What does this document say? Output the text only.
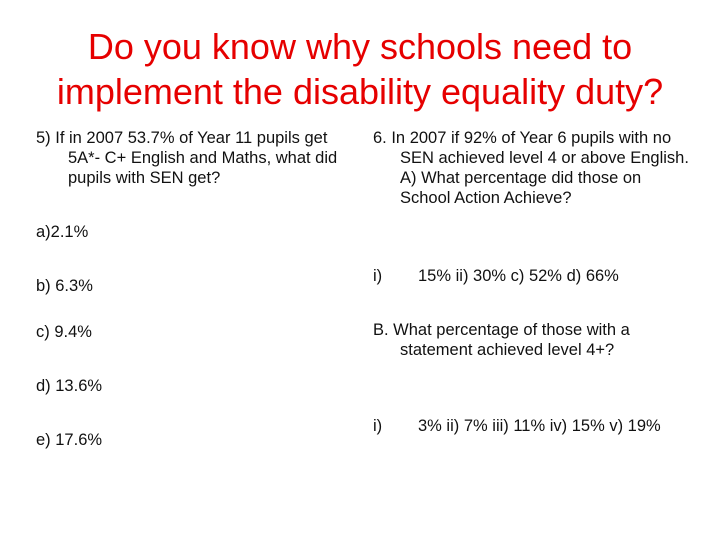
Do you know why schools need to
implement the disability equality duty?
5) If in 2007 53.7% of Year 11 pupils get 5A*- C+ English and Maths, what did pupils with SEN get?
a)2.1%
b) 6.3%
c) 9.4%
d) 13.6%
e) 17.6%
6. In 2007 if 92% of Year 6 pupils with no SEN achieved level 4 or above English. A) What percentage did those on School Action Achieve?
i) 15% ii) 30% c) 52% d) 66%
B. What percentage of those with a statement achieved level 4+?
i) 3% ii) 7% iii) 11% iv) 15% v) 19%
